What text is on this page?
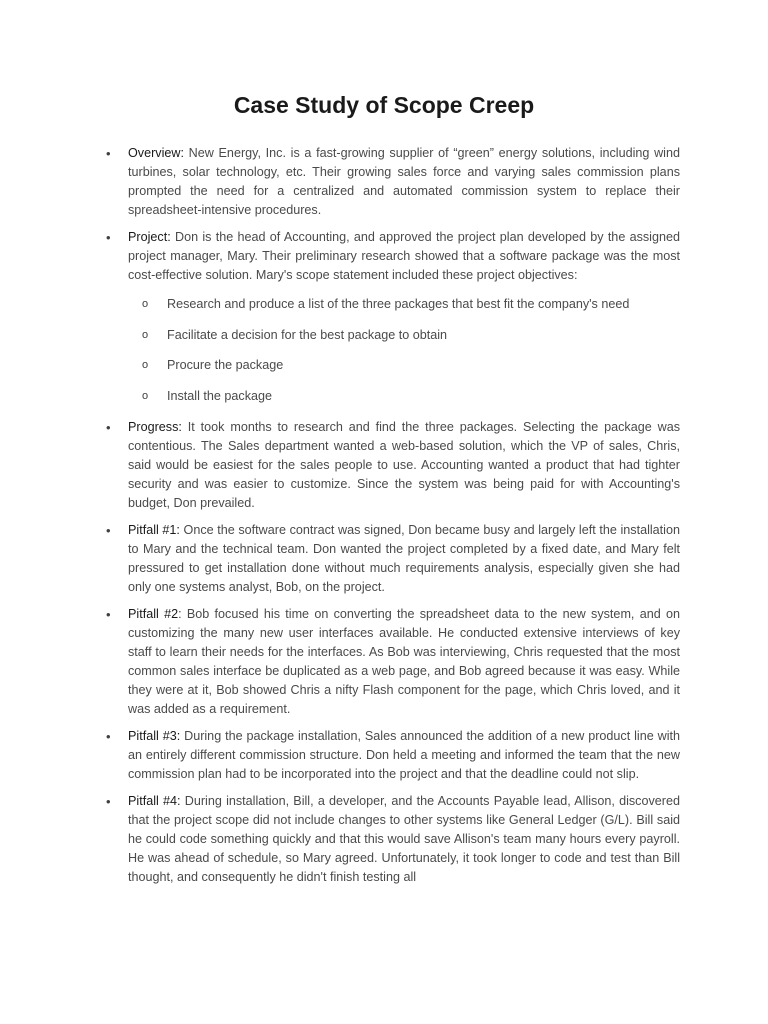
Case Study of Scope Creep
• Overview: New Energy, Inc. is a fast-growing supplier of “green” energy solutions, including wind turbines, solar technology, etc. Their growing sales force and varying sales commission plans prompted the need for a centralized and automated commission system to replace their spreadsheet-intensive procedures.
• Project: Don is the head of Accounting, and approved the project plan developed by the assigned project manager, Mary. Their preliminary research showed that a software package was the most cost-effective solution. Mary's scope statement included these project objectives:
o Research and produce a list of the three packages that best fit the company's need
o Facilitate a decision for the best package to obtain
o Procure the package
o Install the package
• Progress: It took months to research and find the three packages. Selecting the package was contentious. The Sales department wanted a web-based solution, which the VP of sales, Chris, said would be easiest for the sales people to use. Accounting wanted a product that had tighter security and was easier to customize. Since the system was being paid for with Accounting's budget, Don prevailed.
• Pitfall #1: Once the software contract was signed, Don became busy and largely left the installation to Mary and the technical team. Don wanted the project completed by a fixed date, and Mary felt pressured to get installation done without much requirements analysis, especially given she had only one systems analyst, Bob, on the project.
• Pitfall #2: Bob focused his time on converting the spreadsheet data to the new system, and on customizing the many new user interfaces available. He conducted extensive interviews of key staff to learn their needs for the interfaces. As Bob was interviewing, Chris requested that the most common sales interface be duplicated as a web page, and Bob agreed because it was easy. While they were at it, Bob showed Chris a nifty Flash component for the page, which Chris loved, and it was added as a requirement.
• Pitfall #3: During the package installation, Sales announced the addition of a new product line with an entirely different commission structure. Don held a meeting and informed the team that the new commission plan had to be incorporated into the project and that the deadline could not slip.
• Pitfall #4: During installation, Bill, a developer, and the Accounts Payable lead, Allison, discovered that the project scope did not include changes to other systems like General Ledger (G/L). Bill said he could code something quickly and that this would save Allison's team many hours every payroll. He was ahead of schedule, so Mary agreed. Unfortunately, it took longer to code and test than Bill thought, and consequently he didn't finish testing all
